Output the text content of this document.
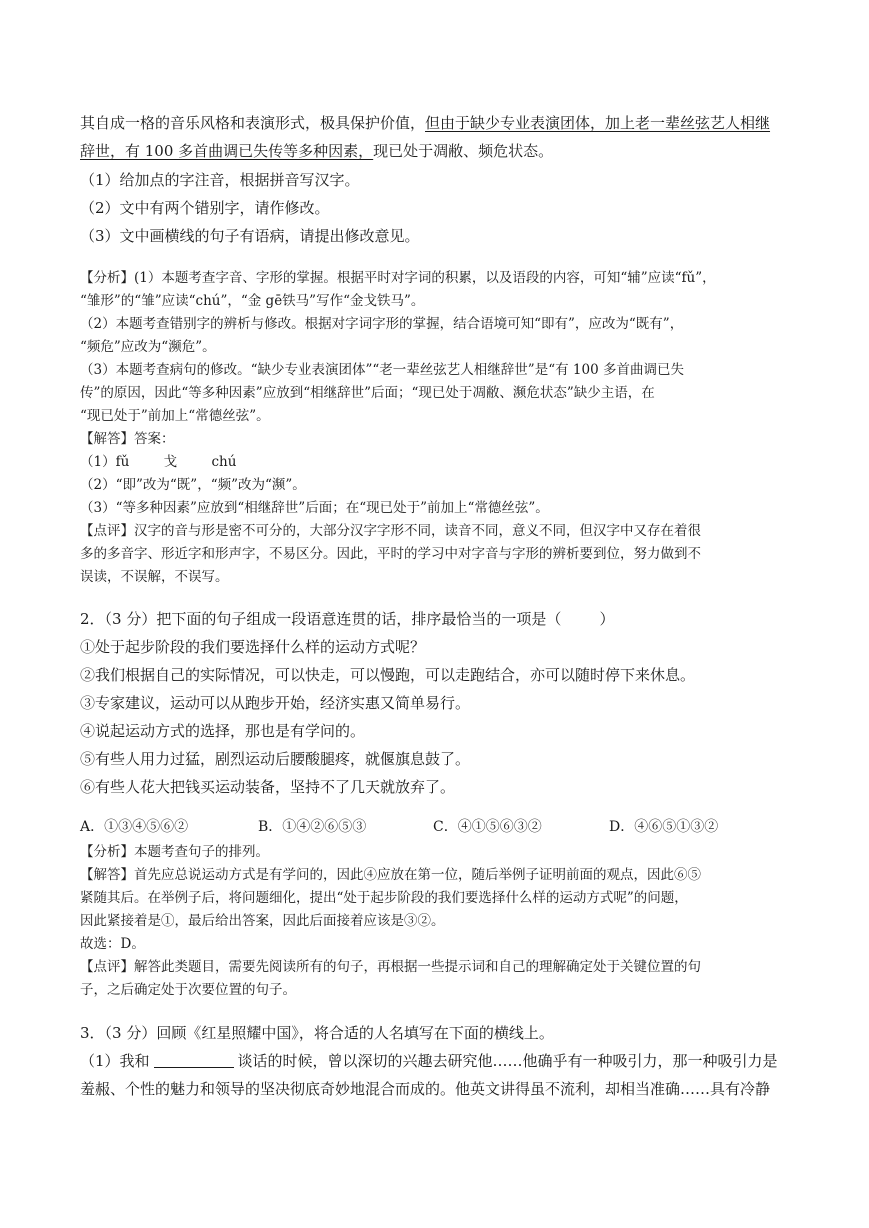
其自成一格的音乐风格和表演形式，极具保护价值，但由于缺少专业表演团体，加上老一辈丝弦艺人相继
辞世，有 100 多首曲调已失传等多种因素，现已处于凋敝、频危状态。
（1）给加点的字注音，根据拼音写汉字。
（2）文中有两个错别字，请作修改。
（3）文中画横线的句子有语病，请提出修改意见。
【分析】(1）本题考查字音、字形的掌握。根据平时对字词的积累，以及语段的内容，可知“辅”应读“fǔ”，
“雏形”的“雏”应读“chú”，“金 gē铁马”写作“金戈铁马”。
（2）本题考查错别字的辨析与修改。根据对字词字形的掌握，结合语境可知“即有”，应改为“既有”，
“频危”应改为“濒危”。
（3）本题考查病句的修改。“缺少专业表演团体”“老一辈丝弦艺人相继辞世”是“有 100 多首曲调已失
传”的原因，因此“等多种因素”应放到“相继辞世”后面；“现已处于凋敝、濒危状态”缺少主语，在
“现已处于”前加上“常德丝弦”。
【解答】答案：
（1）fǔ        戈        chú
（2）“即”改为“既”，“频”改为“濒”。
（3）“等多种因素”应放到“相继辞世”后面；在“现已处于”前加上“常德丝弦”。
【点评】汉字的音与形是密不可分的，大部分汉字字形不同，读音不同，意义不同，但汉字中又存在着很
多的多音字、形近字和形声字，不易区分。因此，平时的学习中对字音与字形的辨析要到位，努力做到不
误读，不误解，不误写。
2．（3 分）把下面的句子组成一段语意连贯的话，排序最恰当的一项是（        ）
①处于起步阶段的我们要选择什么样的运动方式呢？
②我们根据自己的实际情况，可以快走，可以慢跑，可以走跑结合，亦可以随时停下来休息。
③专家建议，运动可以从跑步开始，经济实惠又简单易行。
④说起运动方式的选择，那也是有学问的。
⑤有些人用力过猛，剧烈运动后腰酸腿疼，就偃旗息鼓了。
⑥有些人花大把钱买运动装备，坚持不了几天就放弃了。
A．①③④⑤⑥②	B．①④②⑥⑤③	C．④①⑤⑥③②	D．④⑥⑤①③②
【分析】本题考查句子的排列。
【解答】首先应总说运动方式是有学问的，因此④应放在第一位，随后举例子证明前面的观点，因此⑥⑤
紧随其后。在举例子后，将问题细化，提出“处于起步阶段的我们要选择什么样的运动方式呢”的问题，
因此紧接着是①，最后给出答案，因此后面接着应该是③②。
故选：D。
【点评】解答此类题目，需要先阅读所有的句子，再根据一些提示词和自己的理解确定处于关键位置的句
子，之后确定处于次要位置的句子。
3．（3 分）回顾《红星照耀中国》，将合适的人名填写在下面的横线上。
（1）我和	谈话的时候，曾以深切的兴趣去研究他……他确乎有一种吸引力，那一种吸引力是
羞赧、个性的魅力和领导的坚决彻底奇妙地混合而成的。他英文讲得虽不流利，却相当准确……具有冷静
